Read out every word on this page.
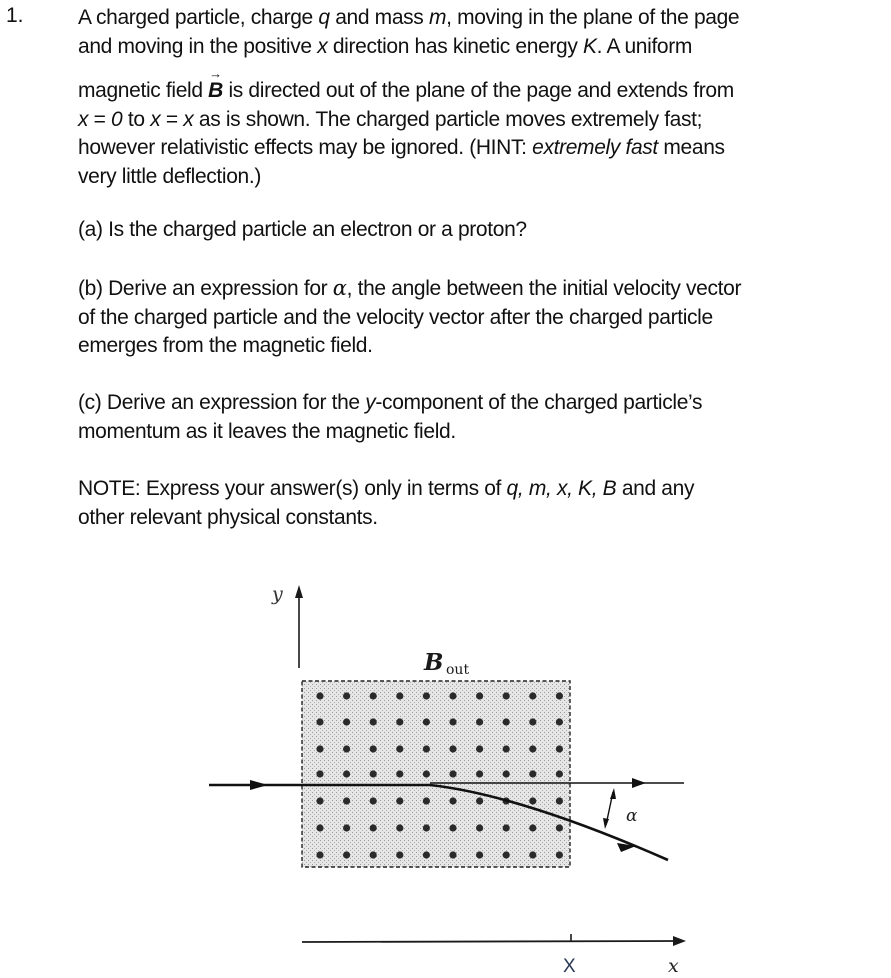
1.	A charged particle, charge q and mass m, moving in the plane of the page
and moving in the positive x direction has kinetic energy K. A uniform
magnetic field → B is directed out of the plane of the page and extends from
x = 0 to x = x as is shown. The charged particle moves extremely fast;
however relativistic effects may be ignored. (HINT: extremely fast means
very little deflection.)
(a) Is the charged particle an electron or a proton?
(b) Derive an expression for α, the angle between the initial velocity vector
of the charged particle and the velocity vector after the charged particle
emerges from the magnetic field.
(c) Derive an expression for the y-component of the charged particle’s
momentum as it leaves the magnetic field.
NOTE: Express your answer(s) only in terms of q, m, x, K, B and any
other relevant physical constants.
y
B out
α
X	x
